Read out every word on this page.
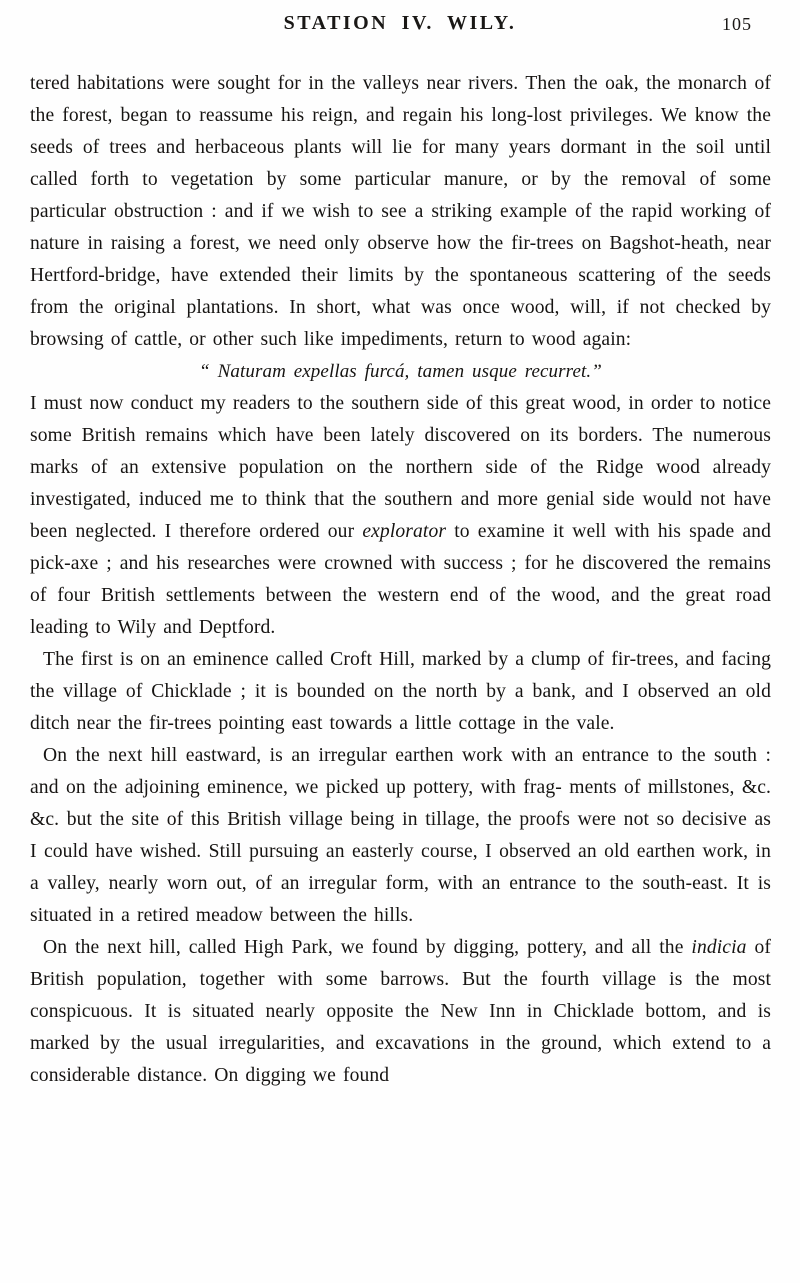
STATION IV. WILY.	105

tered habitations were sought for in the valleys near rivers. Then the oak, the monarch of the forest, began to reassume his reign, and regain his long-lost privileges. We know the seeds of trees and herbaceous plants will lie for many years dormant in the soil until called forth to vegetation by some particular manure, or by the removal of some particular obstruction : and if we wish to see a striking example of the rapid working of nature in raising a forest, we need only observe how the fir-trees on Bagshot-heath, near Hertford-bridge, have extended their limits by the spontaneous scattering of the seeds from the original plantations. In short, what was once wood, will, if not checked by browsing of cattle, or other such like impediments, return to wood again:

“ Naturam expellas furcá, tamen usque recurret.”

I must now conduct my readers to the southern side of this great wood, in order to notice some British remains which have been lately discovered on its borders. The numerous marks of an extensive population on the northern side of the Ridge wood already investigated, induced me to think that the southern and more genial side would not have been neglected. I therefore ordered our explorator to examine it well with his spade and pick-axe ; and his researches were crowned with success ; for he discovered the remains of four British settlements between the western end of the wood, and the great road leading to Wily and Deptford.

The first is on an eminence called Croft Hill, marked by a clump of fir-trees, and facing the village of Chicklade ; it is bounded on the north by a bank, and I observed an old ditch near the fir-trees pointing east towards a little cottage in the vale.

On the next hill eastward, is an irregular earthen work with an entrance to the south : and on the adjoining eminence, we picked up pottery, with frag- ments of millstones, &c. &c. but the site of this British village being in tillage, the proofs were not so decisive as I could have wished. Still pursuing an easterly course, I observed an old earthen work, in a valley, nearly worn out, of an irregular form, with an entrance to the south-east. It is situated in a retired meadow between the hills.

On the next hill, called High Park, we found by digging, pottery, and all the indicia of British population, together with some barrows. But the fourth village is the most conspicuous. It is situated nearly opposite the New Inn in Chicklade bottom, and is marked by the usual irregularities, and excavations in the ground, which extend to a considerable distance. On digging we found
